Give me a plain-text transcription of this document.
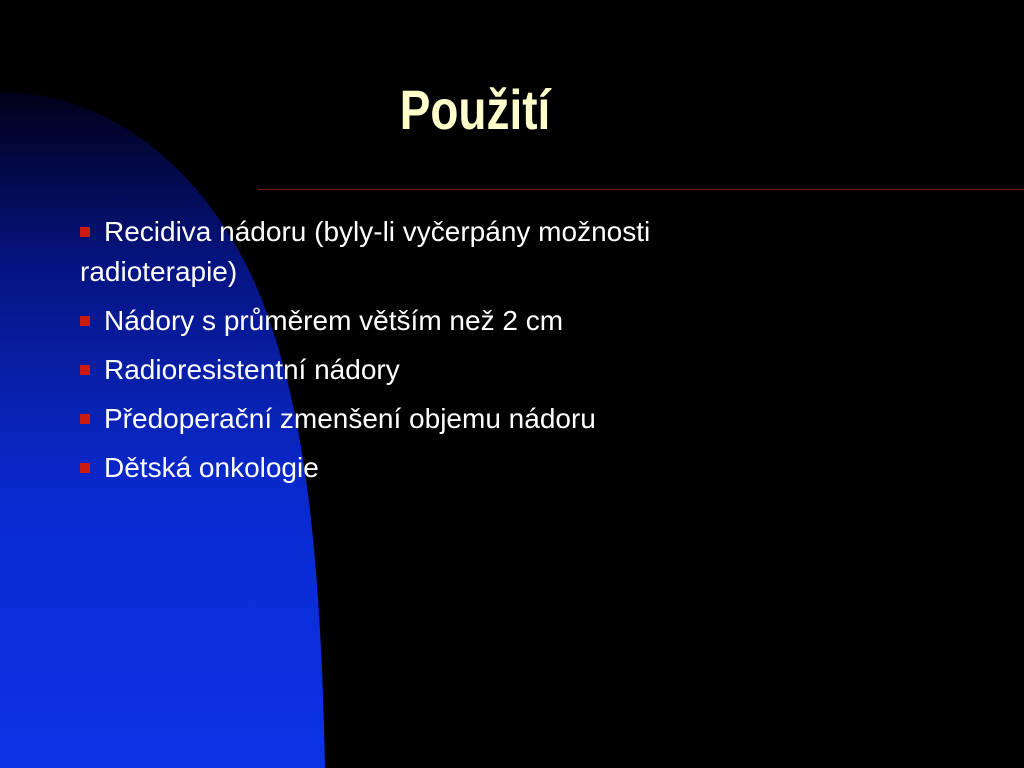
Použití
Recidiva nádoru (byly-li vyčerpány možnosti radioterapie)
Nádory s průměrem větším než 2 cm
Radioresistentní nádory
Předoperační zmenšení objemu nádoru
Dětská onkologie
